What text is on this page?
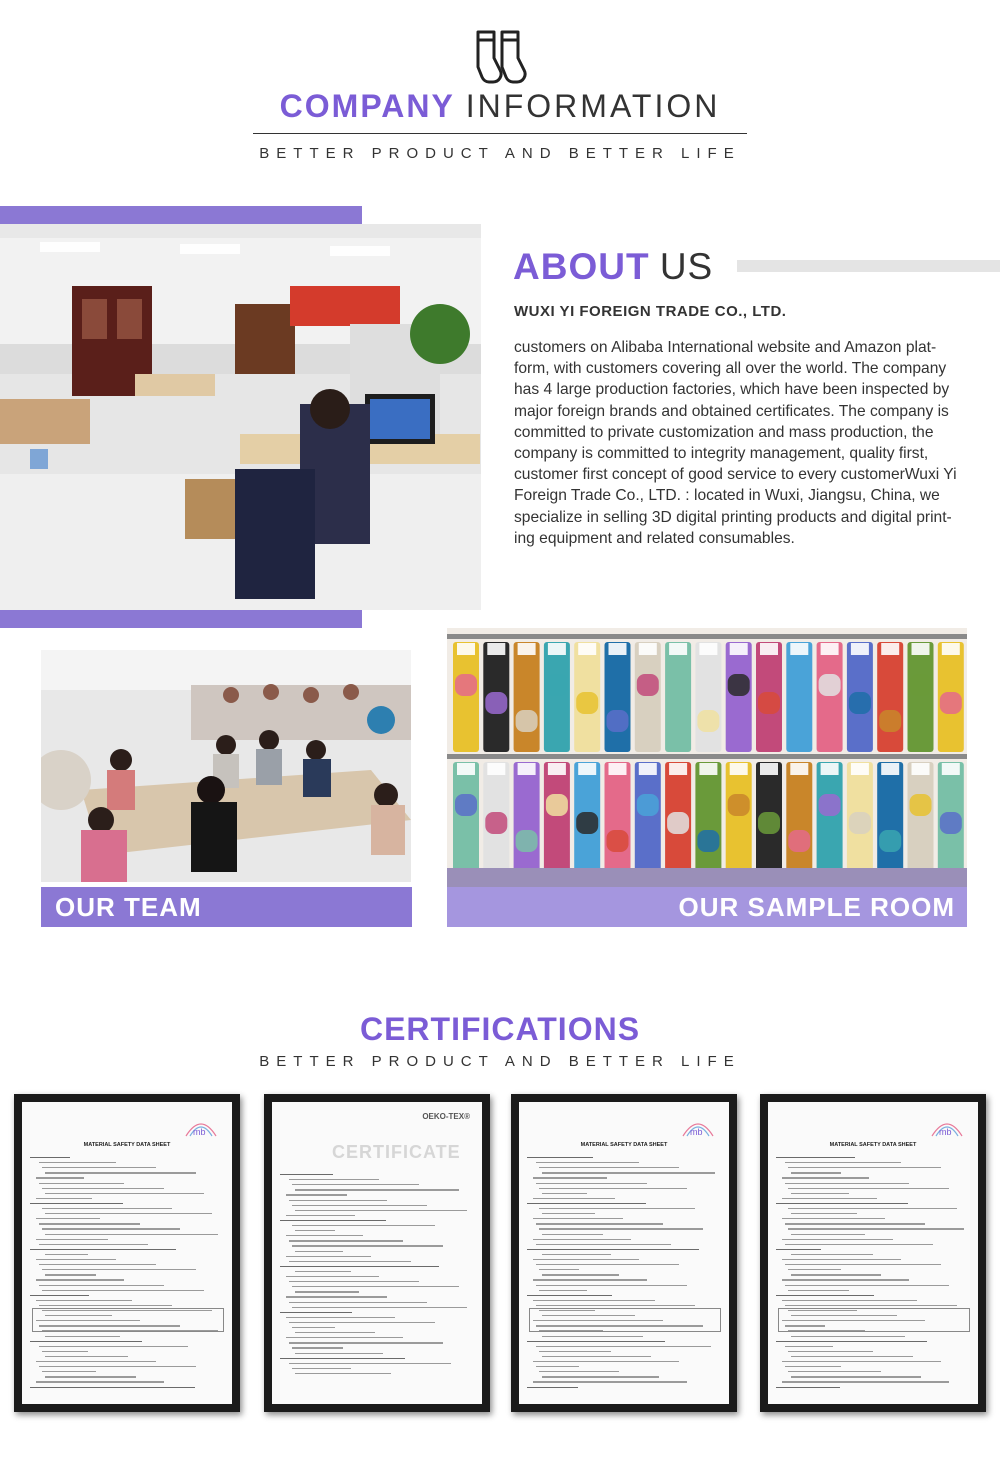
COMPANY INFORMATION
BETTER PRODUCT AND BETTER LIFE
ABOUT US
WUXI YI FOREIGN TRADE CO., LTD.
customers on Alibaba International website and Amazon plat-
form, with customers covering all over the world. The company
has 4 large production factories, which have been inspected by
major foreign brands and obtained certificates. The company is
committed to private customization and mass production, the
company is committed to integrity management, quality first,
customer first concept of good service to every customerWuxi Yi
Foreign Trade Co., LTD. : located in Wuxi, Jiangsu, China, we
specialize in selling 3D digital printing products and digital print-
ing equipment and related consumables.
OUR TEAM	OUR SAMPLE ROOM
CERTIFICATIONS
BETTER PRODUCT AND BETTER LIFE
mb
MATERIAL SAFETY DATA SHEET
OEKO-TEX®
CERTIFICATE
mb
MATERIAL SAFETY DATA SHEET
mb
MATERIAL SAFETY DATA SHEET
